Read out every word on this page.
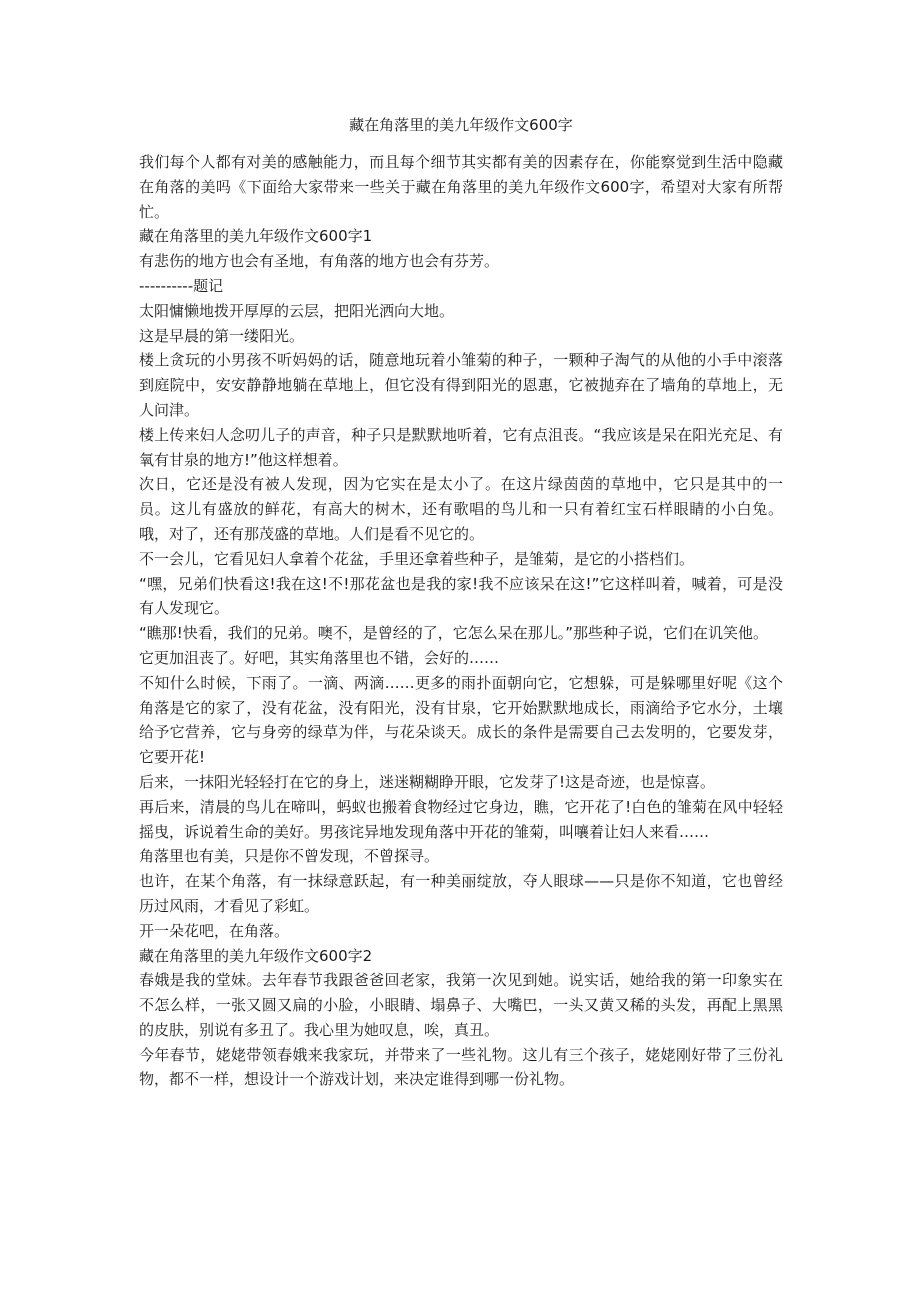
藏在角落里的美九年级作文600字

我们每个人都有对美的感触能力，而且每个细节其实都有美的因素存在，你能察觉到生活中隐藏在角落的美吗《下面给大家带来一些关于藏在角落里的美九年级作文600字，希望对大家有所帮忙。

藏在角落里的美九年级作文600字1

有悲伤的地方也会有圣地，有角落的地方也会有芬芳。

----------题记

太阳慵懒地拨开厚厚的云层，把阳光洒向大地。

这是早晨的第一缕阳光。

楼上贪玩的小男孩不听妈妈的话，随意地玩着小雏菊的种子，一颗种子淘气的从他的小手中滚落到庭院中，安安静静地躺在草地上，但它没有得到阳光的恩惠，它被抛弃在了墙角的草地上，无人问津。

楼上传来妇人念叨儿子的声音，种子只是默默地听着，它有点沮丧。“我应该是呆在阳光充足、有氧有甘泉的地方!”他这样想着。

次日，它还是没有被人发现，因为它实在是太小了。在这片绿茵茵的草地中，它只是其中的一员。这儿有盛放的鲜花，有高大的树木，还有歌唱的鸟儿和一只有着红宝石样眼睛的小白兔。哦，对了，还有那茂盛的草地。人们是看不见它的。

不一会儿，它看见妇人拿着个花盆，手里还拿着些种子，是雏菊，是它的小搭档们。

“嘿，兄弟们快看这!我在这!不!那花盆也是我的家!我不应该呆在这!”它这样叫着，喊着，可是没有人发现它。

“瞧那!快看，我们的兄弟。噢不，是曾经的了，它怎么呆在那儿。”那些种子说，它们在讥笑他。

它更加沮丧了。好吧，其实角落里也不错，会好的……

不知什么时候，下雨了。一滴、两滴……更多的雨扑面朝向它，它想躲，可是躲哪里好呢《这个角落是它的家了，没有花盆，没有阳光，没有甘泉，它开始默默地成长，雨滴给予它水分，土壤给予它营养，它与身旁的绿草为伴，与花朵谈天。成长的条件是需要自己去发明的，它要发芽，它要开花!

后来，一抹阳光轻轻打在它的身上，迷迷糊糊睁开眼，它发芽了!这是奇迹，也是惊喜。

再后来，清晨的鸟儿在啼叫，蚂蚁也搬着食物经过它身边，瞧，它开花了!白色的雏菊在风中轻轻摇曳，诉说着生命的美好。男孩诧异地发现角落中开花的雏菊，叫嚷着让妇人来看……

角落里也有美，只是你不曾发现，不曾探寻。

也许，在某个角落，有一抹绿意跃起，有一种美丽绽放，夺人眼球——只是你不知道，它也曾经历过风雨，才看见了彩虹。

开一朵花吧，在角落。

藏在角落里的美九年级作文600字2

春娥是我的堂妹。去年春节我跟爸爸回老家，我第一次见到她。说实话，她给我的第一印象实在不怎么样，一张又圆又扁的小脸，小眼睛、塌鼻子、大嘴巴，一头又黄又稀的头发，再配上黑黑的皮肤，别说有多丑了。我心里为她叹息，唉，真丑。

今年春节，姥姥带领春娥来我家玩，并带来了一些礼物。这儿有三个孩子，姥姥刚好带了三份礼物，都不一样，想设计一个游戏计划，来决定谁得到哪一份礼物。
